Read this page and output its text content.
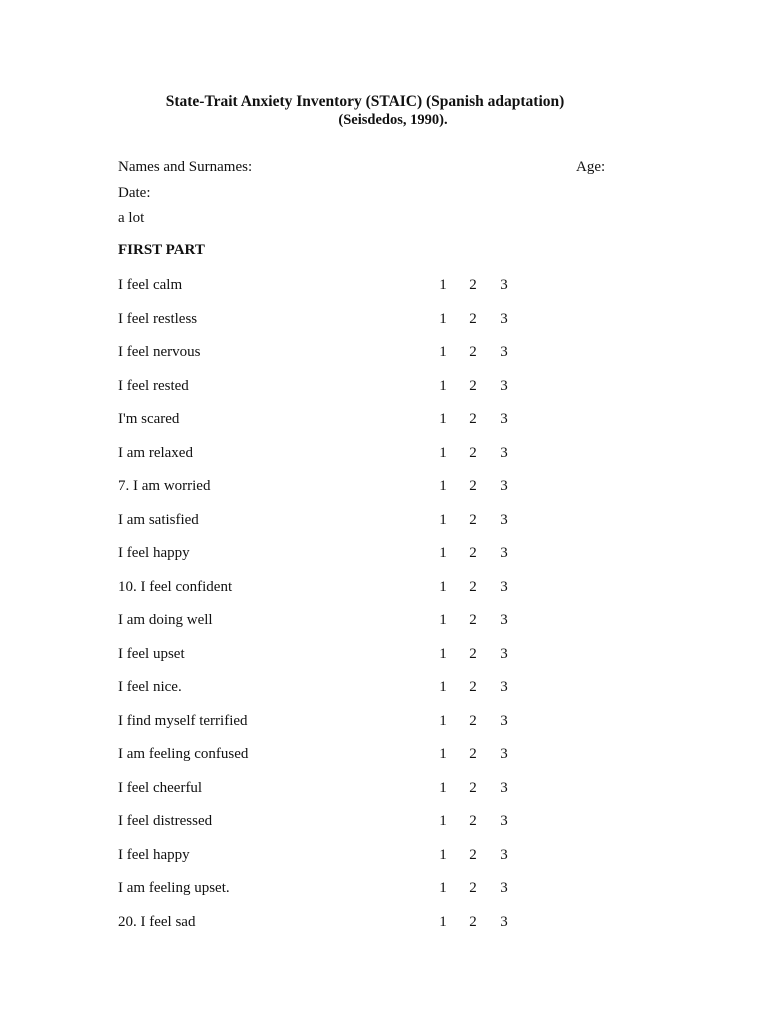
State-Trait Anxiety Inventory (STAIC) (Spanish adaptation)
(Seisdedos, 1990).
Names and Surnames:	Age:
Date:
a lot
FIRST PART
I feel calm	1 2 3
I feel restless	1 2 3
I feel nervous	1 2 3
I feel rested	1 2 3
I'm scared	1 2 3
I am relaxed	1 2 3
7. I am worried	1 2 3
I am satisfied	1 2 3
I feel happy	1 2 3
10. I feel confident	1 2 3
I am doing well	1 2 3
I feel upset	1 2 3
I feel nice.	1 2 3
I find myself terrified	1 2 3
I am feeling confused	1 2 3
I feel cheerful	1 2 3
I feel distressed	1 2 3
I feel happy	1 2 3
I am feeling upset.	1 2 3
20. I feel sad	1 2 3
